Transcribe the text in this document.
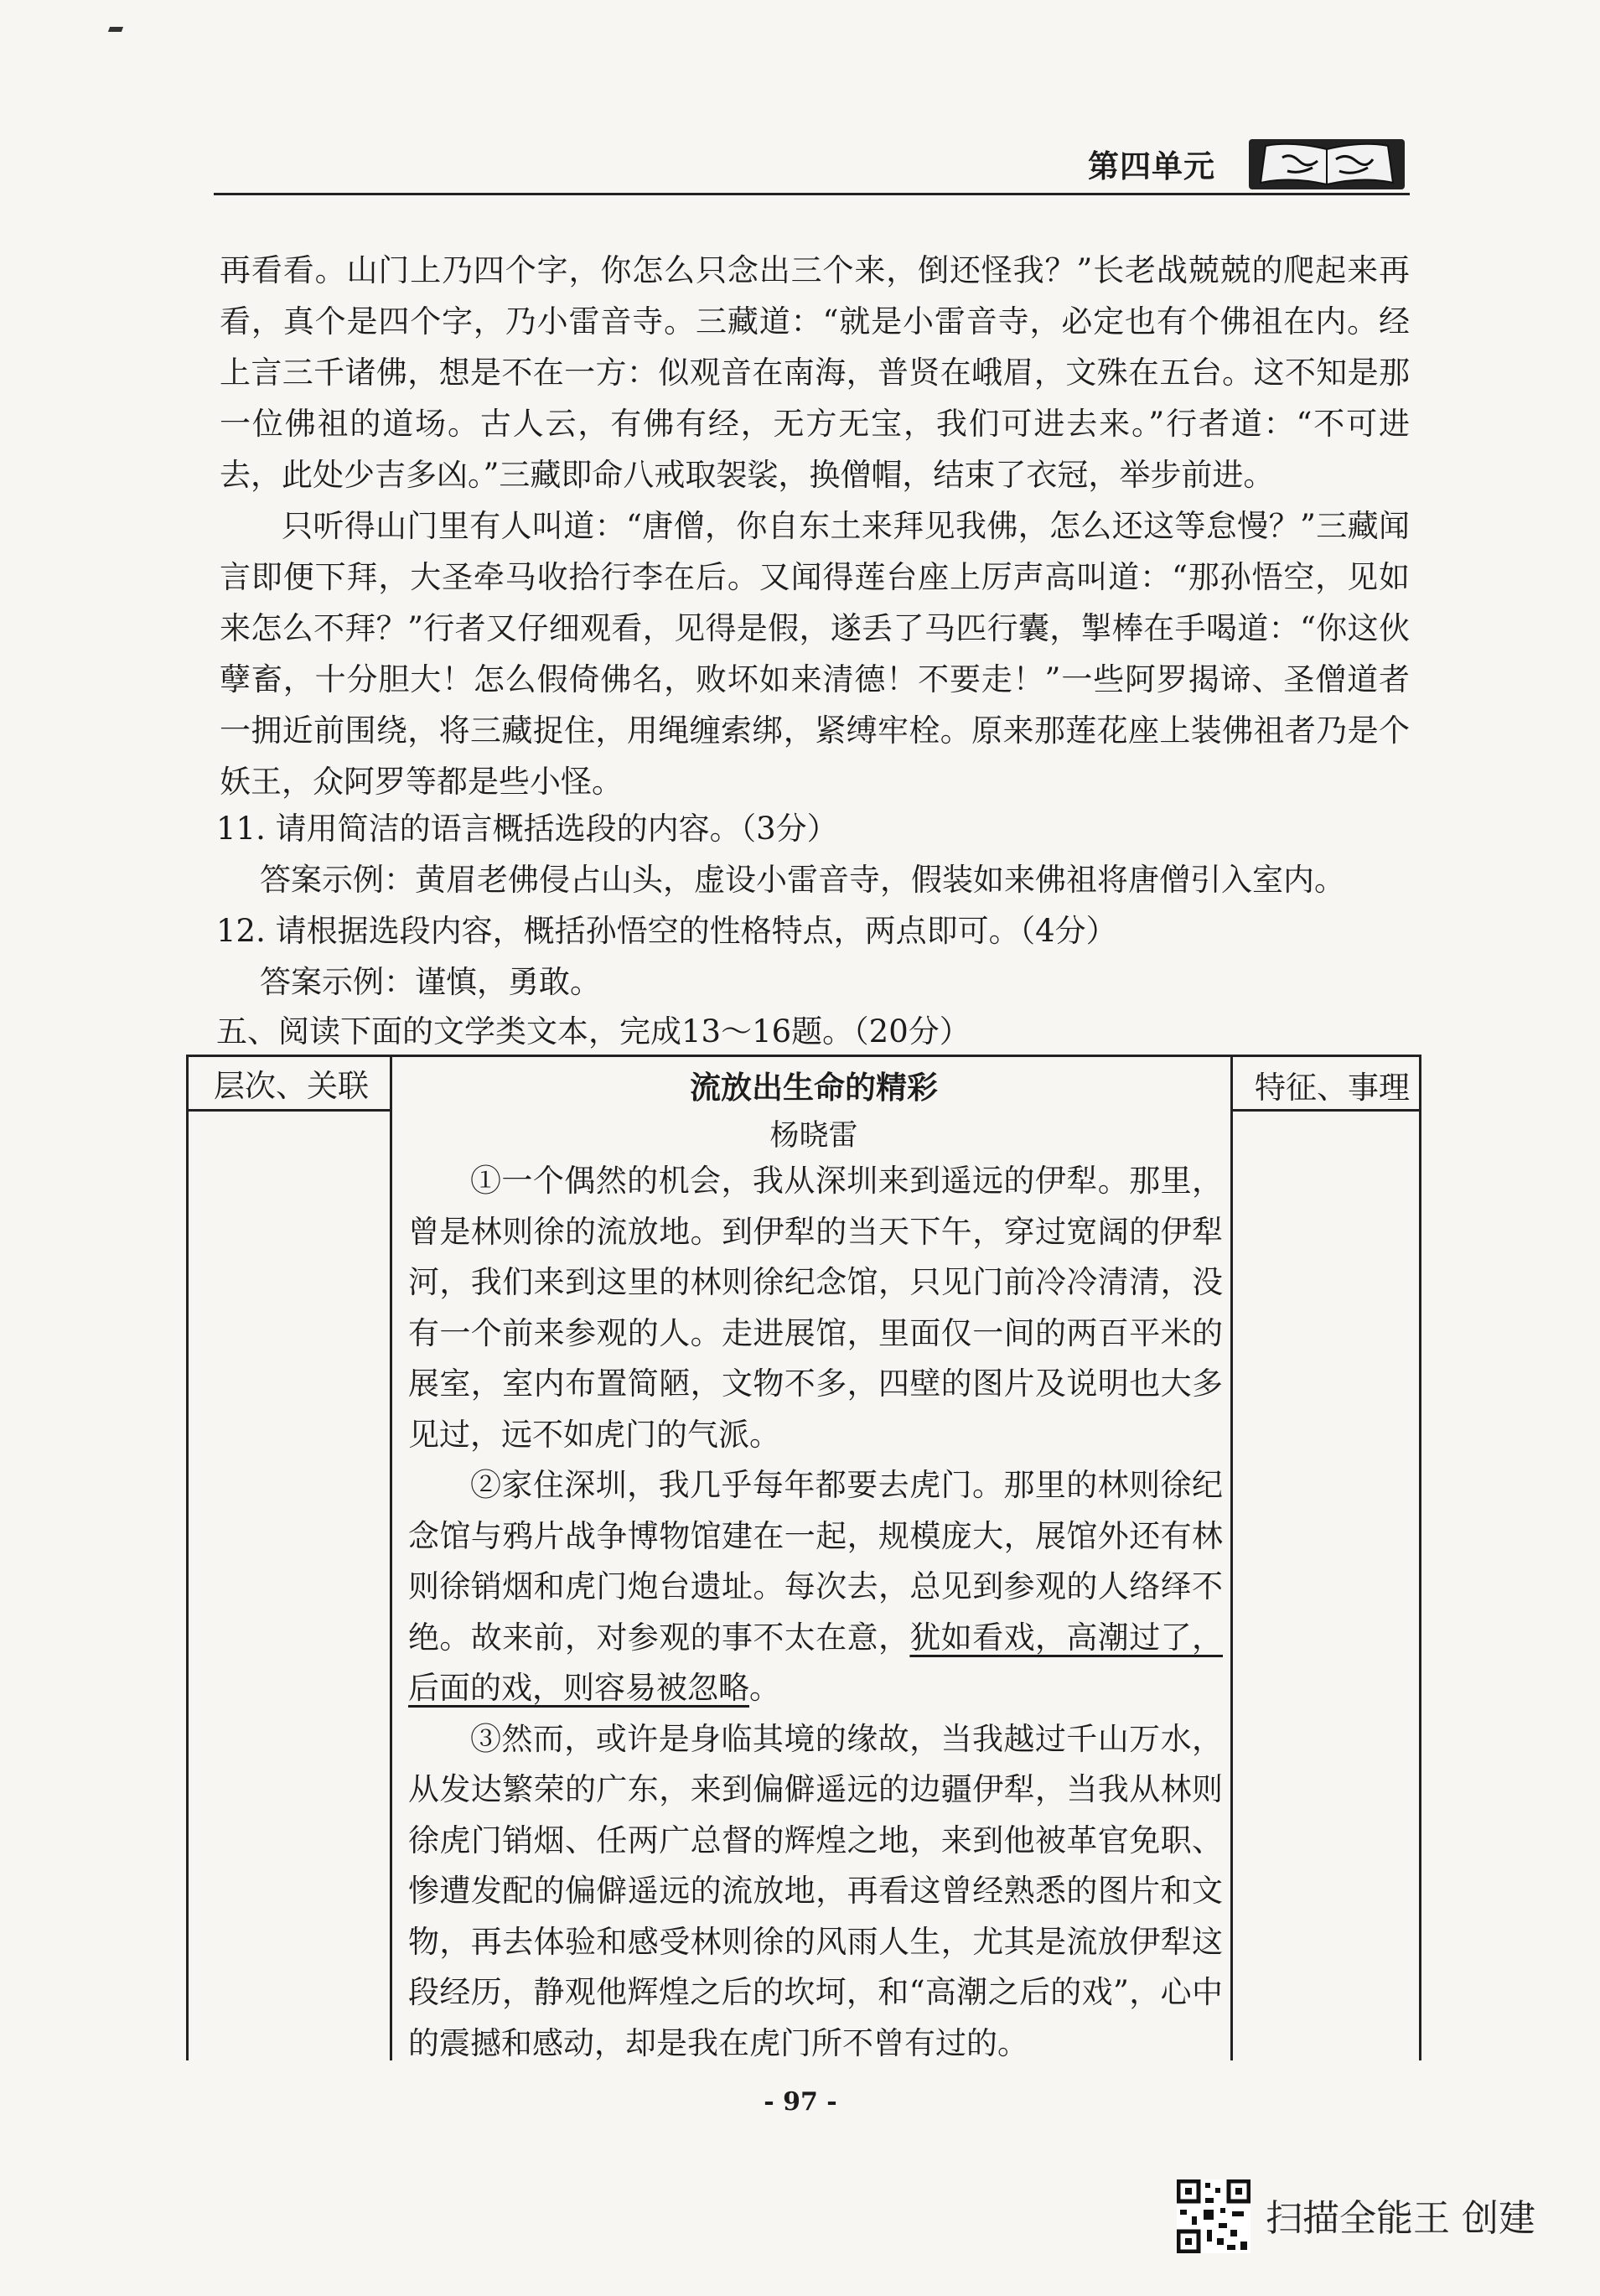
第四单元

再看看。山门上乃四个字，你怎么只念出三个来，倒还怪我？”长老战兢兢的爬起来再看，真个是四个字，乃小雷音寺。三藏道：“就是小雷音寺，必定也有个佛祖在内。经上言三千诸佛，想是不在一方：似观音在南海，普贤在峨眉，文殊在五台。这不知是那一位佛祖的道场。古人云，有佛有经，无方无宝，我们可进去来。”行者道：“不可进去，此处少吉多凶。”三藏即命八戒取袈裟，换僧帽，结束了衣冠，举步前进。

只听得山门里有人叫道：“唐僧，你自东土来拜见我佛，怎么还这等怠慢？”三藏闻言即便下拜，大圣牵马收拾行李在后。又闻得莲台座上厉声高叫道：“那孙悟空，见如来怎么不拜？”行者又仔细观看，见得是假，遂丢了马匹行囊，掣棒在手喝道：“你这伙孽畜，十分胆大！怎么假倚佛名，败坏如来清德！不要走！”一些阿罗揭谛、圣僧道者一拥近前围绕，将三藏捉住，用绳缠索绑，紧缚牢栓。原来那莲花座上装佛祖者乃是个妖王，众阿罗等都是些小怪。

11. 请用简洁的语言概括选段的内容。（3分）
答案示例：黄眉老佛侵占山头，虚设小雷音寺，假装如来佛祖将唐僧引入室内。
12. 请根据选段内容，概括孙悟空的性格特点，两点即可。（4分）
答案示例：谨慎，勇敢。
五、阅读下面的文学类文本，完成13～16题。（20分）
层次、关联	特征、事理
流放出生命的精彩
杨晓雷

①一个偶然的机会，我从深圳来到遥远的伊犁。那里，曾是林则徐的流放地。到伊犁的当天下午，穿过宽阔的伊犁河，我们来到这里的林则徐纪念馆，只见门前冷冷清清，没有一个前来参观的人。走进展馆，里面仅一间的两百平米的展室，室内布置简陋，文物不多，四壁的图片及说明也大多见过，远不如虎门的气派。

②家住深圳，我几乎每年都要去虎门。那里的林则徐纪念馆与鸦片战争博物馆建在一起，规模庞大，展馆外还有林则徐销烟和虎门炮台遗址。每次去，总见到参观的人络绎不绝。故来前，对参观的事不太在意，犹如看戏，高潮过了，后面的戏，则容易被忽略。

③然而，或许是身临其境的缘故，当我越过千山万水，从发达繁荣的广东，来到偏僻遥远的边疆伊犁，当我从林则徐虎门销烟、任两广总督的辉煌之地，来到他被革官免职、惨遭发配的偏僻遥远的流放地，再看这曾经熟悉的图片和文物，再去体验和感受林则徐的风雨人生，尤其是流放伊犁这段经历，静观他辉煌之后的坎坷，和“高潮之后的戏”，心中的震撼和感动，却是我在虎门所不曾有过的。

- 97 -
扫描全能王 创建
